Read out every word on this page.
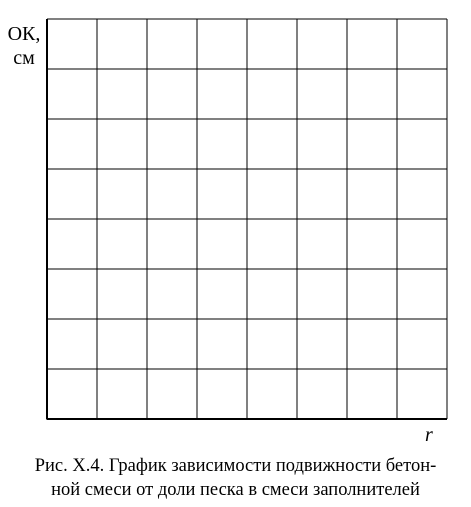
ОК,
см
r
Рис. Х.4. График зависимости подвижности бетон-
ной смеси от доли песка в смеси заполнителей
